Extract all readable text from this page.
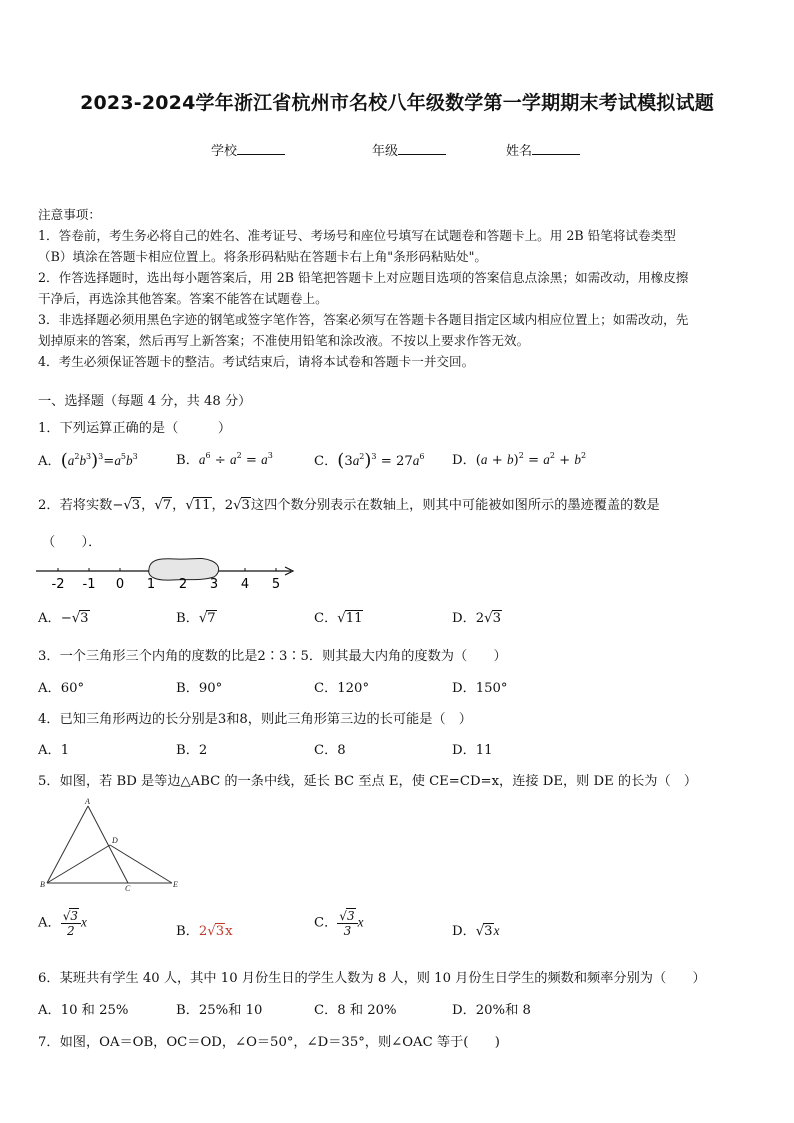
2023-2024学年浙江省杭州市名校八年级数学第一学期期末考试模拟试题
学校	年级	姓名
注意事项：
1．答卷前，考生务必将自己的姓名、准考证号、考场号和座位号填写在试题卷和答题卡上。用 2B 铅笔将试卷类型
（B）填涂在答题卡相应位置上。将条形码粘贴在答题卡右上角"条形码粘贴处"。
2．作答选择题时，选出每小题答案后，用 2B 铅笔把答题卡上对应题目选项的答案信息点涂黑；如需改动，用橡皮擦
干净后，再选涂其他答案。答案不能答在试题卷上。
3．非选择题必须用黑色字迹的钢笔或签字笔作答，答案必须写在答题卡各题目指定区域内相应位置上；如需改动，先
划掉原来的答案，然后再写上新答案；不准使用铅笔和涂改液。不按以上要求作答无效。
4．考生必须保证答题卡的整洁。考试结束后，请将本试卷和答题卡一并交回。
一、选择题（每题 4 分，共 48 分）
1．下列运算正确的是（　　　）
A．$(a^2b^3)^3=a^5b^3$	B．$a^6 \div a^2 = a^3$	C．$(3a^2)^3 = 27a^6$ D．$(a + b)^2 = a^2 + b^2$
2．若将实数−√3，√7，√11，2√3这四个数分别表示在数轴上，则其中可能被如图所示的墨迹覆盖的数是
（　　）．
-2 -1 0 1 2 3 4 5
A．−√3	B．√7	C．√11	D．2√3
3．一个三角形三个内角的度数的比是2∶3∶5．则其最大内角的度数为（　　）
A．60°	B．90°	C．120°	D．150°
4．已知三角形两边的长分别是3和8，则此三角形第三边的长可能是（　）
A．1	B．2	C．8	D．11
5．如图，若 BD 是等边△ABC 的一条中线，延长 BC 至点 E，使 CE=CD=x，连接 DE，则 DE 的长为（　）
A
D
B	C	E
A． $\frac{√3}{2}$ x
B．2√3x
C． $\frac{√3}{3}$ x
D．√3x
6．某班共有学生 40 人，其中 10 月份生日的学生人数为 8 人，则 10 月份生日学生的频数和频率分别为（　　）
A．10 和 25%	B．25%和 10	C．8 和 20%	D．20%和 8
7．如图，OA＝OB，OC＝OD，∠O＝50°，∠D＝35°，则∠OAC 等于(　　)
